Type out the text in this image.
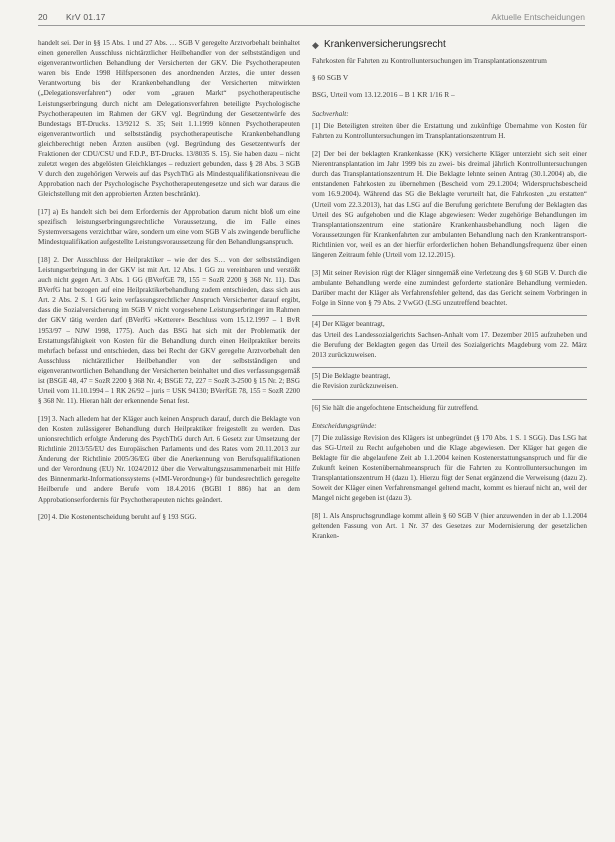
20 KrV 01.17	Aktuelle Entscheidungen

handelt sei. Der in §§ 15 Abs. 1 und 27 Abs. … SGB V geregelte Arztvorbehalt beinhaltet einen generellen Ausschluss nichtärztlicher Heilbehandler von der selbstständigen und eigenverantwortlichen Behandlung der Versicherten der GKV. Die Psychotherapeuten waren bis Ende 1998 Hilfspersonen des anordnenden Arztes, die unter dessen Verantwortung bis der Krankenbehandlung der Versicherten mitwirkten („Delegationsverfahren“) oder vom „grauen Markt“ psychotherapeutische Leistungserbringung durch nicht am Delegationsverfahren beteiligte Psychologische Psychotherapeuten im Rahmen der GKV vgl. Begründung der Gesetzentwürfe des Bundestags BT-Drucks. 13/9212 S. 35; Seit 1.1.1999 können Psychotherapeuten eigenverantwortlich und selbstständig psychotherapeutische Krankenbehandlung gleichberechtigt neben Ärzten ausüben (vgl. Begründung des Gesetzentwurfs der Fraktionen der CDU/CSU und F.D.P., BT-Drucks. 13/8035 S. 15). Sie haben dazu – nicht zuletzt wegen des abgelösten Gleichklanges – reduziert gebunden, dass § 28 Abs. 3 SGB V durch den zugehörigen Verweis auf das PsychThG als Mindestqualifikationsniveau die Approbation nach der Psychologische Psychotherapeutengesetze und sich war daraus die Gleichstellung mit den approbierten Ärzten beschränkt).

[17] a) Es handelt sich bei dem Erfordernis der Approbation darum nicht bloß um eine spezifisch leistungserbringungsrechtliche Voraussetzung, die im Falle eines Systemversagens verzichtbar wäre, sondern um eine vom SGB V als zwingende berufliche Mindestqualifikation aufgestellte Leistungsvoraussetzung für den Behandlungsanspruch.

[18] 2. Der Ausschluss der Heilpraktiker – wie der des S… von der selbstständigen Leistungserbringung in der GKV ist mit Art. 12 Abs. 1 GG zu vereinbaren und verstößt auch nicht gegen Art. 3 Abs. 1 GG (BVerfGE 78, 155 = SozR 2200 § 368 Nr. 11). Das BVerfG hat bezogen auf eine Heilpraktikerbehandlung zudem entschieden, dass sich aus Art. 2 Abs. 2 S. 1 GG kein verfassungsrechtlicher Anspruch Versicherter darauf ergibt, dass die Sozialversicherung im SGB V nicht vorgesehene Leistungserbringer im Rahmen der GKV tätig werden darf (BVerfG »Ketterer« Beschluss vom 15.12.1997 – 1 BvR 1953/97 – NJW 1998, 1775). Auch das BSG hat sich mit der Problematik der Erstattungsfähigkeit von Kosten für die Behandlung durch einen Heilpraktiker bereits mehrfach befasst und entschieden, dass bei Recht der GKV geregelte Arztvorbehalt den Ausschluss nichtärztlicher Heilbehandler von der selbstständigen und eigenverantwortlichen Behandlung der Versicherten beinhaltet und dies verfassungsgemäß ist (BSGE 48, 47 = SozR 2200 § 368 Nr. 4; BSGE 72, 227 = SozR 3-2500 § 15 Nr. 2; BSG Urteil vom 11.10.1994 – 1 RK 26/92 – juris = USK 94130; BVerfGE 78, 155 = SozR 2200 § 368 Nr. 11). Hieran hält der erkennende Senat fest.

[19] 3. Nach alledem hat der Kläger auch keinen Anspruch darauf, durch die Beklagte von den Kosten zulässigerer Behandlung durch Heilpraktiker freigestellt zu werden. Das unionsrechtlich erfolgte Änderung des PsychThG durch Art. 6 Gesetz zur Umsetzung der Richtlinie 2013/55/EU des Europäischen Parlaments und des Rates vom 20.11.2013 zur Änderung der Richtlinie 2005/36/EG über die Anerkennung von Berufsqualifikationen und der Verordnung (EU) Nr. 1024/2012 über die Verwaltungszusammenarbeit mit Hilfe des Binnenmarkt-Informationssystems (»IMI-Verordnung«) für bundesrechtlich geregelte Heilberufe und andere Berufe vom 18.4.2016 (BGBl I 886) hat an dem Approbationserfordernis für Psychotherapeuten nichts geändert.

[20] 4. Die Kostenentscheidung beruht auf § 193 SGG.

◆ Krankenversicherungsrecht
Fahrkosten für Fahrten zu Kontrolluntersuchungen im Transplantationszentrum
§ 60 SGB V
BSG, Urteil vom 13.12.2016 – B 1 KR 1/16 R –
Sachverhalt:

[1] Die Beteiligten streiten über die Erstattung und zukünftige Übernahme von Kosten für Fahrten zu Kontrolluntersuchungen im Transplantationszentrum H.

[2] Der bei der beklagten Krankenkasse (KK) versicherte Kläger unterzieht sich seit einer Nierentransplantation im Jahr 1999 bis zu zwei- bis dreimal jährlich Kontrolluntersuchungen durch das Transplantationszentrum H. Die Beklagte lehnte seinen Antrag (30.1.2004) ab, die entstandenen Fahrkosten zu übernehmen (Bescheid vom 29.1.2004; Widerspruchsbescheid vom 16.9.2004). Während das SG die Beklagte verurteilt hat, die Fahrkosten „zu erstatten“ (Urteil vom 22.3.2013), hat das LSG auf die Berufung gerichtete Berufung der Beklagten das Urteil des SG aufgehoben und die Klage abgewiesen: Weder zugehörige Behandlungen im Transplantationszentrum eine stationäre Krankenhausbehandlung noch lägen die Voraussetzungen für Krankenfahrten zur ambulanten Behandlung nach den Krankentransport-Richtlinien vor, weil es an der hierfür erforderlichen hohen Behandlungsfrequenz über einen längeren Zeitraum fehle (Urteil vom 12.12.2015).

[3] Mit seiner Revision rügt der Kläger sinngemäß eine Verletzung des § 60 SGB V. Durch die ambulante Behandlung werde eine zumindest geforderte stationäre Behandlung vermieden. Darüber macht der Kläger als Verfahrensfehler geltend, das das Gericht seinem Vorbringen in Folge in Sinne von § 79 Abs. 2 VwGO (LSG unzutreffend beachtet.

[4] Der Kläger beantragt,
das Urteil des Landessozialgerichts Sachsen-Anhalt vom 17. Dezember 2015 aufzuheben und die Berufung der Beklagten gegen das Urteil des Sozialgerichts Magdeburg vom 22. März 2013 zurückzuweisen.

[5] Die Beklagte beantragt,
die Revision zurückzuweisen.

[6] Sie hält die angefochtene Entscheidung für zutreffend.

Entscheidungsgründe:

[7] Die zulässige Revision des Klägers ist unbegründet (§ 170 Abs. 1 S. 1 SGG). Das LSG hat das SG-Urteil zu Recht aufgehoben und die Klage abgewiesen. Der Kläger hat gegen die Beklagte für die abgelaufene Zeit ab 1.1.2004 keinen Kostenerstattungsanspruch und für die Zukunft keinen Kostenübernahmeanspruch für die Fahrten zu Kontrolluntersuchungen im Transplantationszentrum H (dazu 1). Hierzu fügt der Senat ergänzend die Verweisung (dazu 2). Soweit der Kläger einen Verfahrensmangel geltend macht, kommt es hierauf nicht an, weil der Mangel nicht gegeben ist (dazu 3).

[8] 1. Als Anspruchsgrundlage kommt allein § 60 SGB V (hier anzuwenden in der ab 1.1.2004 geltenden Fassung von Art. 1 Nr. 37 des Gesetzes zur Modernisierung der gesetzlichen Kranken-
